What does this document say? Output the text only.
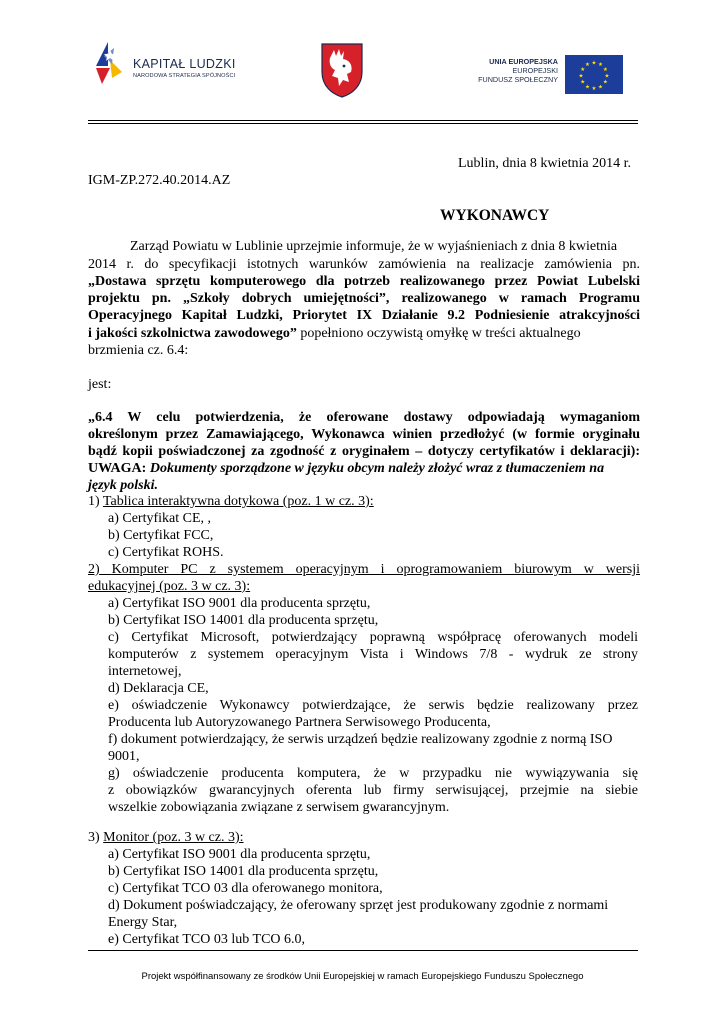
KAPITAŁ LUDZKI
NARODOWA STRATEGIA SPÓJNOŚCI
UNIA EUROPEJSKA
EUROPEJSKI
FUNDUSZ SPOŁECZNY
★ ★
★
★
★
★
★
★
★
★
★
★
Lublin, dnia 8 kwietnia 2014 r.
IGM-ZP.272.40.2014.AZ
WYKONAWCY
Zarząd Powiatu w Lublinie uprzejmie informuje, że w wyjaśnieniach z dnia 8 kwietnia
2014 r. do specyfikacji istotnych warunków zamówienia na realizacje zamówienia pn.
„Dostawa sprzętu komputerowego dla potrzeb realizowanego przez Powiat Lubelski
projektu pn. „Szkoły dobrych umiejętności”, realizowanego w ramach Programu
Operacyjnego Kapitał Ludzki, Priorytet IX Działanie 9.2 Podniesienie atrakcyjności
i jakości szkolnictwa zawodowego” popełniono oczywistą omyłkę w treści aktualnego
brzmienia cz. 6.4:
jest:
„6.4 W celu potwierdzenia, że oferowane dostawy odpowiadają wymaganiom
określonym przez Zamawiającego, Wykonawca winien przedłożyć (w formie oryginału
bądź kopii poświadczonej za zgodność z oryginałem – dotyczy certyfikatów i deklaracji):
UWAGA: Dokumenty sporządzone w języku obcym należy złożyć wraz z tłumaczeniem na
język polski.
1) Tablica interaktywna dotykowa (poz. 1 w cz. 3):
a) Certyfikat CE, ,
b) Certyfikat FCC,
c) Certyfikat ROHS.
2) Komputer PC z systemem operacyjnym i oprogramowaniem biurowym w wersji
edukacyjnej (poz. 3 w cz. 3):
a) Certyfikat ISO 9001 dla producenta sprzętu,
b) Certyfikat ISO 14001 dla producenta sprzętu,
c) Certyfikat Microsoft, potwierdzający poprawną współpracę oferowanych modeli
komputerów z systemem operacyjnym Vista i Windows 7/8 - wydruk ze strony
internetowej,
d) Deklaracja CE,
e) oświadczenie Wykonawcy potwierdzające, że serwis będzie realizowany przez
Producenta lub Autoryzowanego Partnera Serwisowego Producenta,
f) dokument potwierdzający, że serwis urządzeń będzie realizowany zgodnie z normą ISO
9001,
g) oświadczenie producenta komputera, że w przypadku nie wywiązywania się
z obowiązków gwarancyjnych oferenta lub firmy serwisującej, przejmie na siebie
wszelkie zobowiązania związane z serwisem gwarancyjnym.
3) Monitor (poz. 3 w cz. 3):
a) Certyfikat ISO 9001 dla producenta sprzętu,
b) Certyfikat ISO 14001 dla producenta sprzętu,
c) Certyfikat TCO 03 dla oferowanego monitora,
d) Dokument poświadczający, że oferowany sprzęt jest produkowany zgodnie z normami
Energy Star,
e) Certyfikat TCO 03 lub TCO 6.0,
Projekt współfinansowany ze środków Unii Europejskiej w ramach Europejskiego Funduszu Społecznego
